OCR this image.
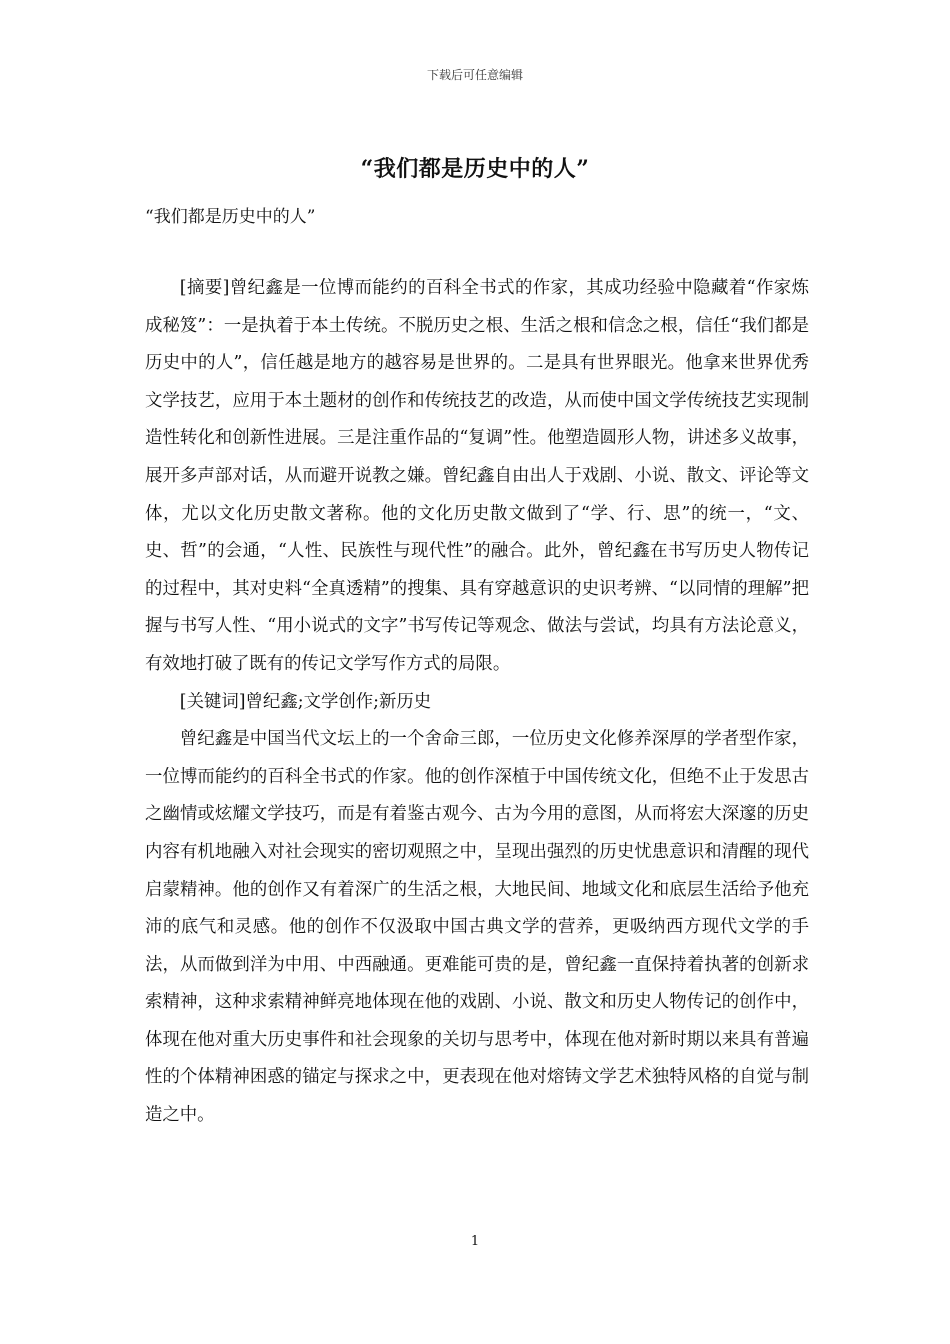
下载后可任意编辑
“我们都是历史中的人”
“我们都是历史中的人”

[摘要]曾纪鑫是一位博而能约的百科全书式的作家，其成功经验中隐藏着“作家炼成秘笈”：一是执着于本土传统。不脱历史之根、生活之根和信念之根，信任“我们都是历史中的人”，信任越是地方的越容易是世界的。二是具有世界眼光。他拿来世界优秀文学技艺，应用于本土题材的创作和传统技艺的改造，从而使中国文学传统技艺实现制造性转化和创新性进展。三是注重作品的“复调”性。他塑造圆形人物，讲述多义故事，展开多声部对话，从而避开说教之嫌。曾纪鑫自由出人于戏剧、小说、散文、评论等文体，尤以文化历史散文著称。他的文化历史散文做到了“学、行、思”的统一，“文、史、哲”的会通，“人性、民族性与现代性”的融合。此外，曾纪鑫在书写历史人物传记的过程中，其对史料“全真透精”的搜集、具有穿越意识的史识考辨、“以同情的理解”把握与书写人性、“用小说式的文字”书写传记等观念、做法与尝试，均具有方法论意义，有效地打破了既有的传记文学写作方式的局限。

[关键词]曾纪鑫;文学创作;新历史

曾纪鑫是中国当代文坛上的一个舍命三郎，一位历史文化修养深厚的学者型作家，一位博而能约的百科全书式的作家。他的创作深植于中国传统文化，但绝不止于发思古之幽情或炫耀文学技巧，而是有着鉴古观今、古为今用的意图，从而将宏大深邃的历史内容有机地融入对社会现实的密切观照之中，呈现出强烈的历史忧患意识和清醒的现代启蒙精神。他的创作又有着深广的生活之根，大地民间、地域文化和底层生活给予他充沛的底气和灵感。他的创作不仅汲取中国古典文学的营养，更吸纳西方现代文学的手法，从而做到洋为中用、中西融通。更难能可贵的是，曾纪鑫一直保持着执著的创新求索精神，这种求索精神鲜亮地体现在他的戏剧、小说、散文和历史人物传记的创作中，体现在他对重大历史事件和社会现象的关切与思考中，体现在他对新时期以来具有普遍性的个体精神困惑的锚定与探求之中，更表现在他对熔铸文学艺术独特风格的自觉与制造之中。

1
